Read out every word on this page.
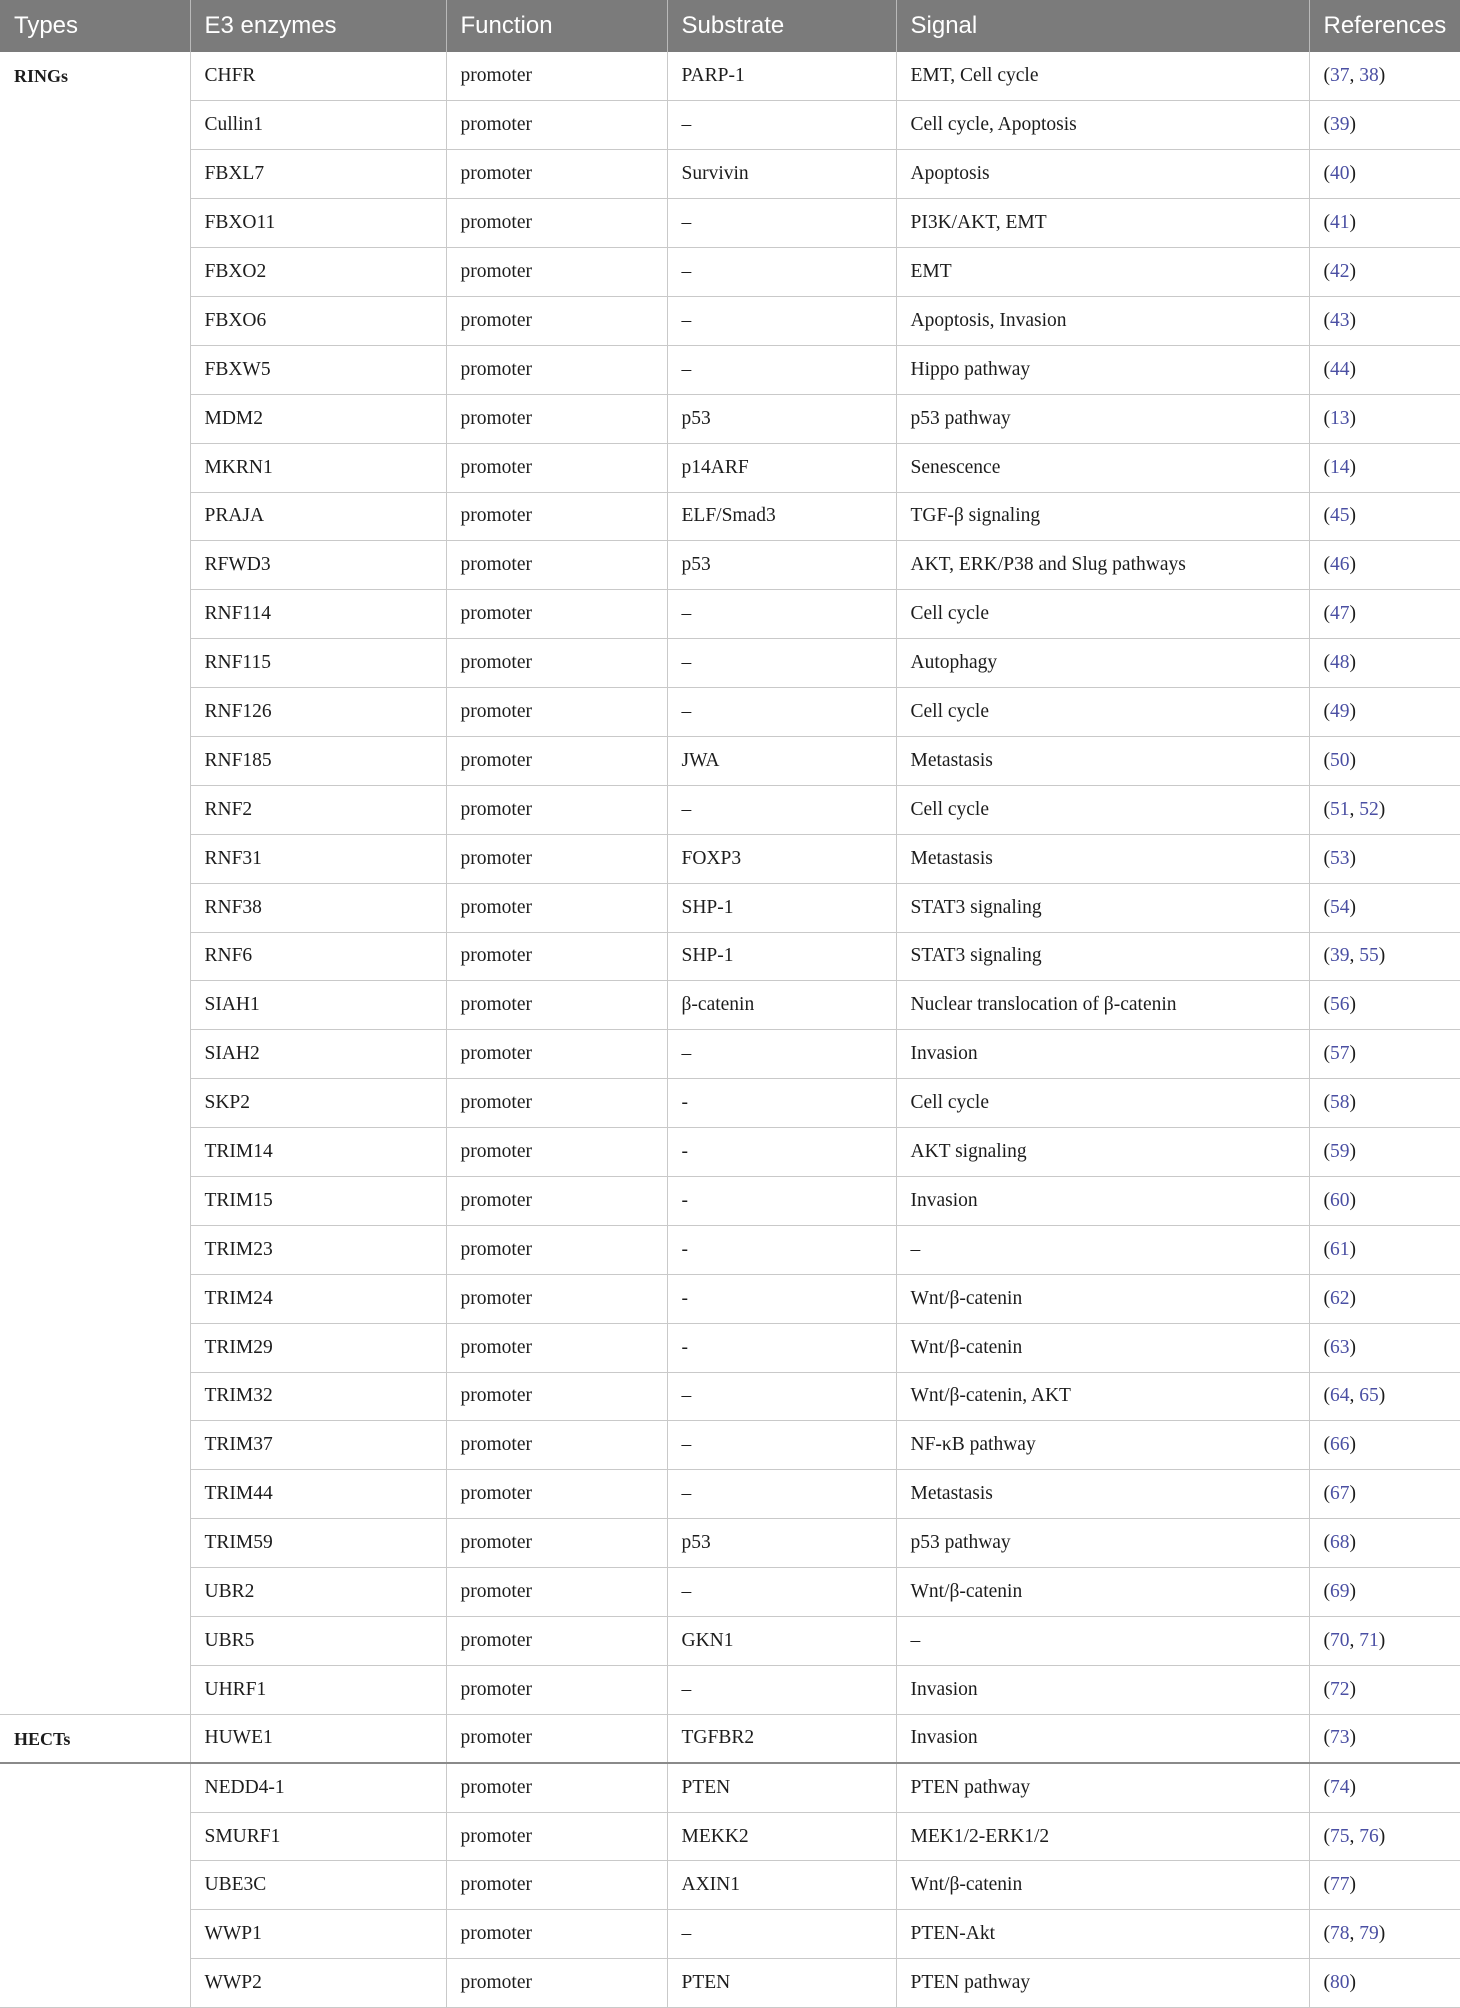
Types	E3 enzymes	Function	Substrate	Signal	References
RINGs	CHFR	promoter	PARP-1	EMT, Cell cycle	(37, 38)
	Cullin1	promoter	–	Cell cycle, Apoptosis	(39)
	FBXL7	promoter	Survivin	Apoptosis	(40)
	FBXO11	promoter	–	PI3K/AKT, EMT	(41)
	FBXO2	promoter	–	EMT	(42)
	FBXO6	promoter	–	Apoptosis, Invasion	(43)
	FBXW5	promoter	–	Hippo pathway	(44)
	MDM2	promoter	p53	p53 pathway	(13)
	MKRN1	promoter	p14ARF	Senescence	(14)
	PRAJA	promoter	ELF/Smad3	TGF-β signaling	(45)
	RFWD3	promoter	p53	AKT, ERK/P38 and Slug pathways	(46)
	RNF114	promoter	–	Cell cycle	(47)
	RNF115	promoter	–	Autophagy	(48)
	RNF126	promoter	–	Cell cycle	(49)
	RNF185	promoter	JWA	Metastasis	(50)
	RNF2	promoter	–	Cell cycle	(51, 52)
	RNF31	promoter	FOXP3	Metastasis	(53)
	RNF38	promoter	SHP-1	STAT3 signaling	(54)
	RNF6	promoter	SHP-1	STAT3 signaling	(39, 55)
	SIAH1	promoter	β-catenin	Nuclear translocation of β-catenin	(56)
	SIAH2	promoter	–	Invasion	(57)
	SKP2	promoter	-	Cell cycle	(58)
	TRIM14	promoter	-	AKT signaling	(59)
	TRIM15	promoter	-	Invasion	(60)
	TRIM23	promoter	-	–	(61)
	TRIM24	promoter	-	Wnt/β-catenin	(62)
	TRIM29	promoter	-	Wnt/β-catenin	(63)
	TRIM32	promoter	–	Wnt/β-catenin, AKT	(64, 65)
	TRIM37	promoter	–	NF-κB pathway	(66)
	TRIM44	promoter	–	Metastasis	(67)
	TRIM59	promoter	p53	p53 pathway	(68)
	UBR2	promoter	–	Wnt/β-catenin	(69)
	UBR5	promoter	GKN1	–	(70, 71)
	UHRF1	promoter	–	Invasion	(72)
HECTs	HUWE1	promoter	TGFBR2	Invasion	(73)
	NEDD4-1	promoter	PTEN	PTEN pathway	(74)
	SMURF1	promoter	MEKK2	MEK1/2-ERK1/2	(75, 76)
	UBE3C	promoter	AXIN1	Wnt/β-catenin	(77)
	WWP1	promoter	–	PTEN-Akt	(78, 79)
	WWP2	promoter	PTEN	PTEN pathway	(80)
